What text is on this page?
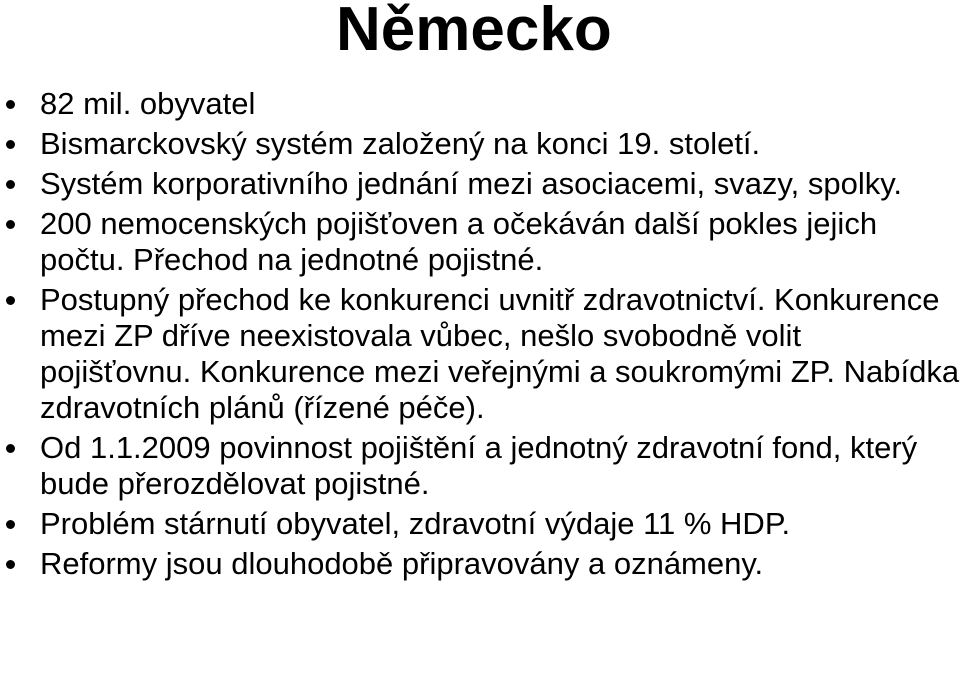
Německo
82 mil. obyvatel
Bismarckovský systém založený na konci 19. století.
Systém korporativního jednání mezi asociacemi, svazy, spolky.
200 nemocenských pojišťoven a očekáván další pokles jejich počtu. Přechod na jednotné pojistné.
Postupný přechod ke konkurenci uvnitř zdravotnictví. Konkurence mezi ZP dříve neexistovala vůbec, nešlo svobodně volit pojišťovnu. Konkurence mezi veřejnými a soukromými ZP. Nabídka zdravotních plánů (řízené péče).
Od 1.1.2009 povinnost pojištění a jednotný zdravotní fond, který bude přerozdělovat pojistné.
Problém stárnutí obyvatel, zdravotní výdaje 11 % HDP.
Reformy jsou dlouhodobě připravovány a oznámeny.
